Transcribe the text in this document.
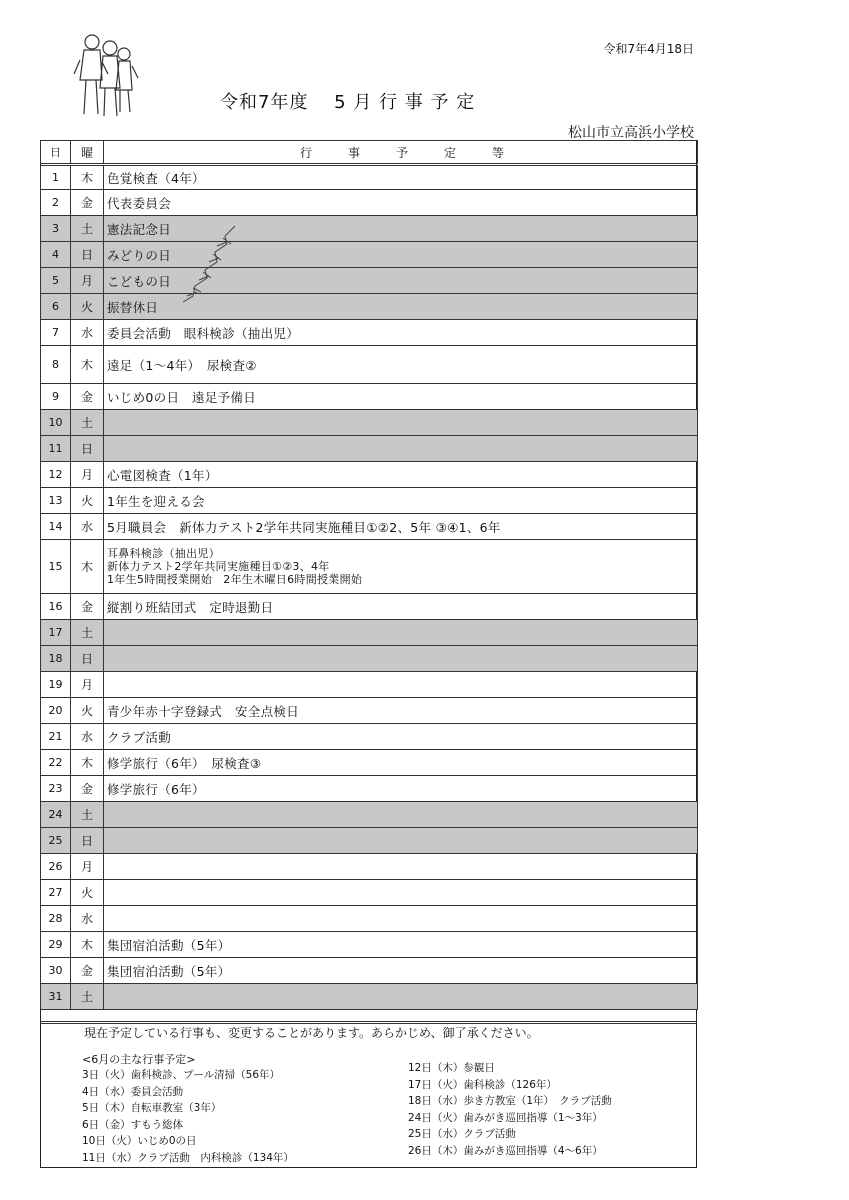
令和7年4月18日
令和7年度　 5 月 行 事 予 定
松山市立高浜小学校
日	曜	行　　　事　　　予　　　定　　　等
1	木	色覚検査（4年）
2	金	代表委員会
3	土	憲法記念日
4	日	みどりの日
5	月	こどもの日
6	火	振替休日
7	水	委員会活動　眼科検診（抽出児）
8	木	遠足（1～4年）　尿検査②
9	金	いじめ0の日　遠足予備日
10	土	
11	日	
12	月	心電図検査（1年）
13	火	1年生を迎える会
14	水	5月職員会　新体力テスト2学年共同実施種目①②2、5年 ③④1、6年
15	木	耳鼻科検診（抽出児）
新体力テスト2学年共同実施種目①②3、4年
1年生5時間授業開始　2年生木曜日6時間授業開始
16	金	縦割り班結団式　定時退勤日
17	土	
18	日	
19	月	
20	火	青少年赤十字登録式　安全点検日
21	水	クラブ活動
22	木	修学旅行（6年）　尿検査③
23	金	修学旅行（6年）
24	土	
25	日	
26	月	
27	火	
28	水	
29	木	集団宿泊活動（5年）
30	金	集団宿泊活動（5年）
31	土	
現在予定している行事も、変更することがあります。あらかじめ、御了承ください。
<6月の主な行事予定>
3日（火）歯科検診、プール清掃（56年）
4日（水）委員会活動
5日（木）自転車教室（3年）
6日（金）すもう総体
10日（火）いじめ0の日
11日（水）クラブ活動　内科検診（134年）
12日（木）参観日
17日（火）歯科検診（126年）
18日（水）歩き方教室（1年）　クラブ活動
24日（火）歯みがき巡回指導（1～3年）
25日（水）クラブ活動
26日（木）歯みがき巡回指導（4～6年）
